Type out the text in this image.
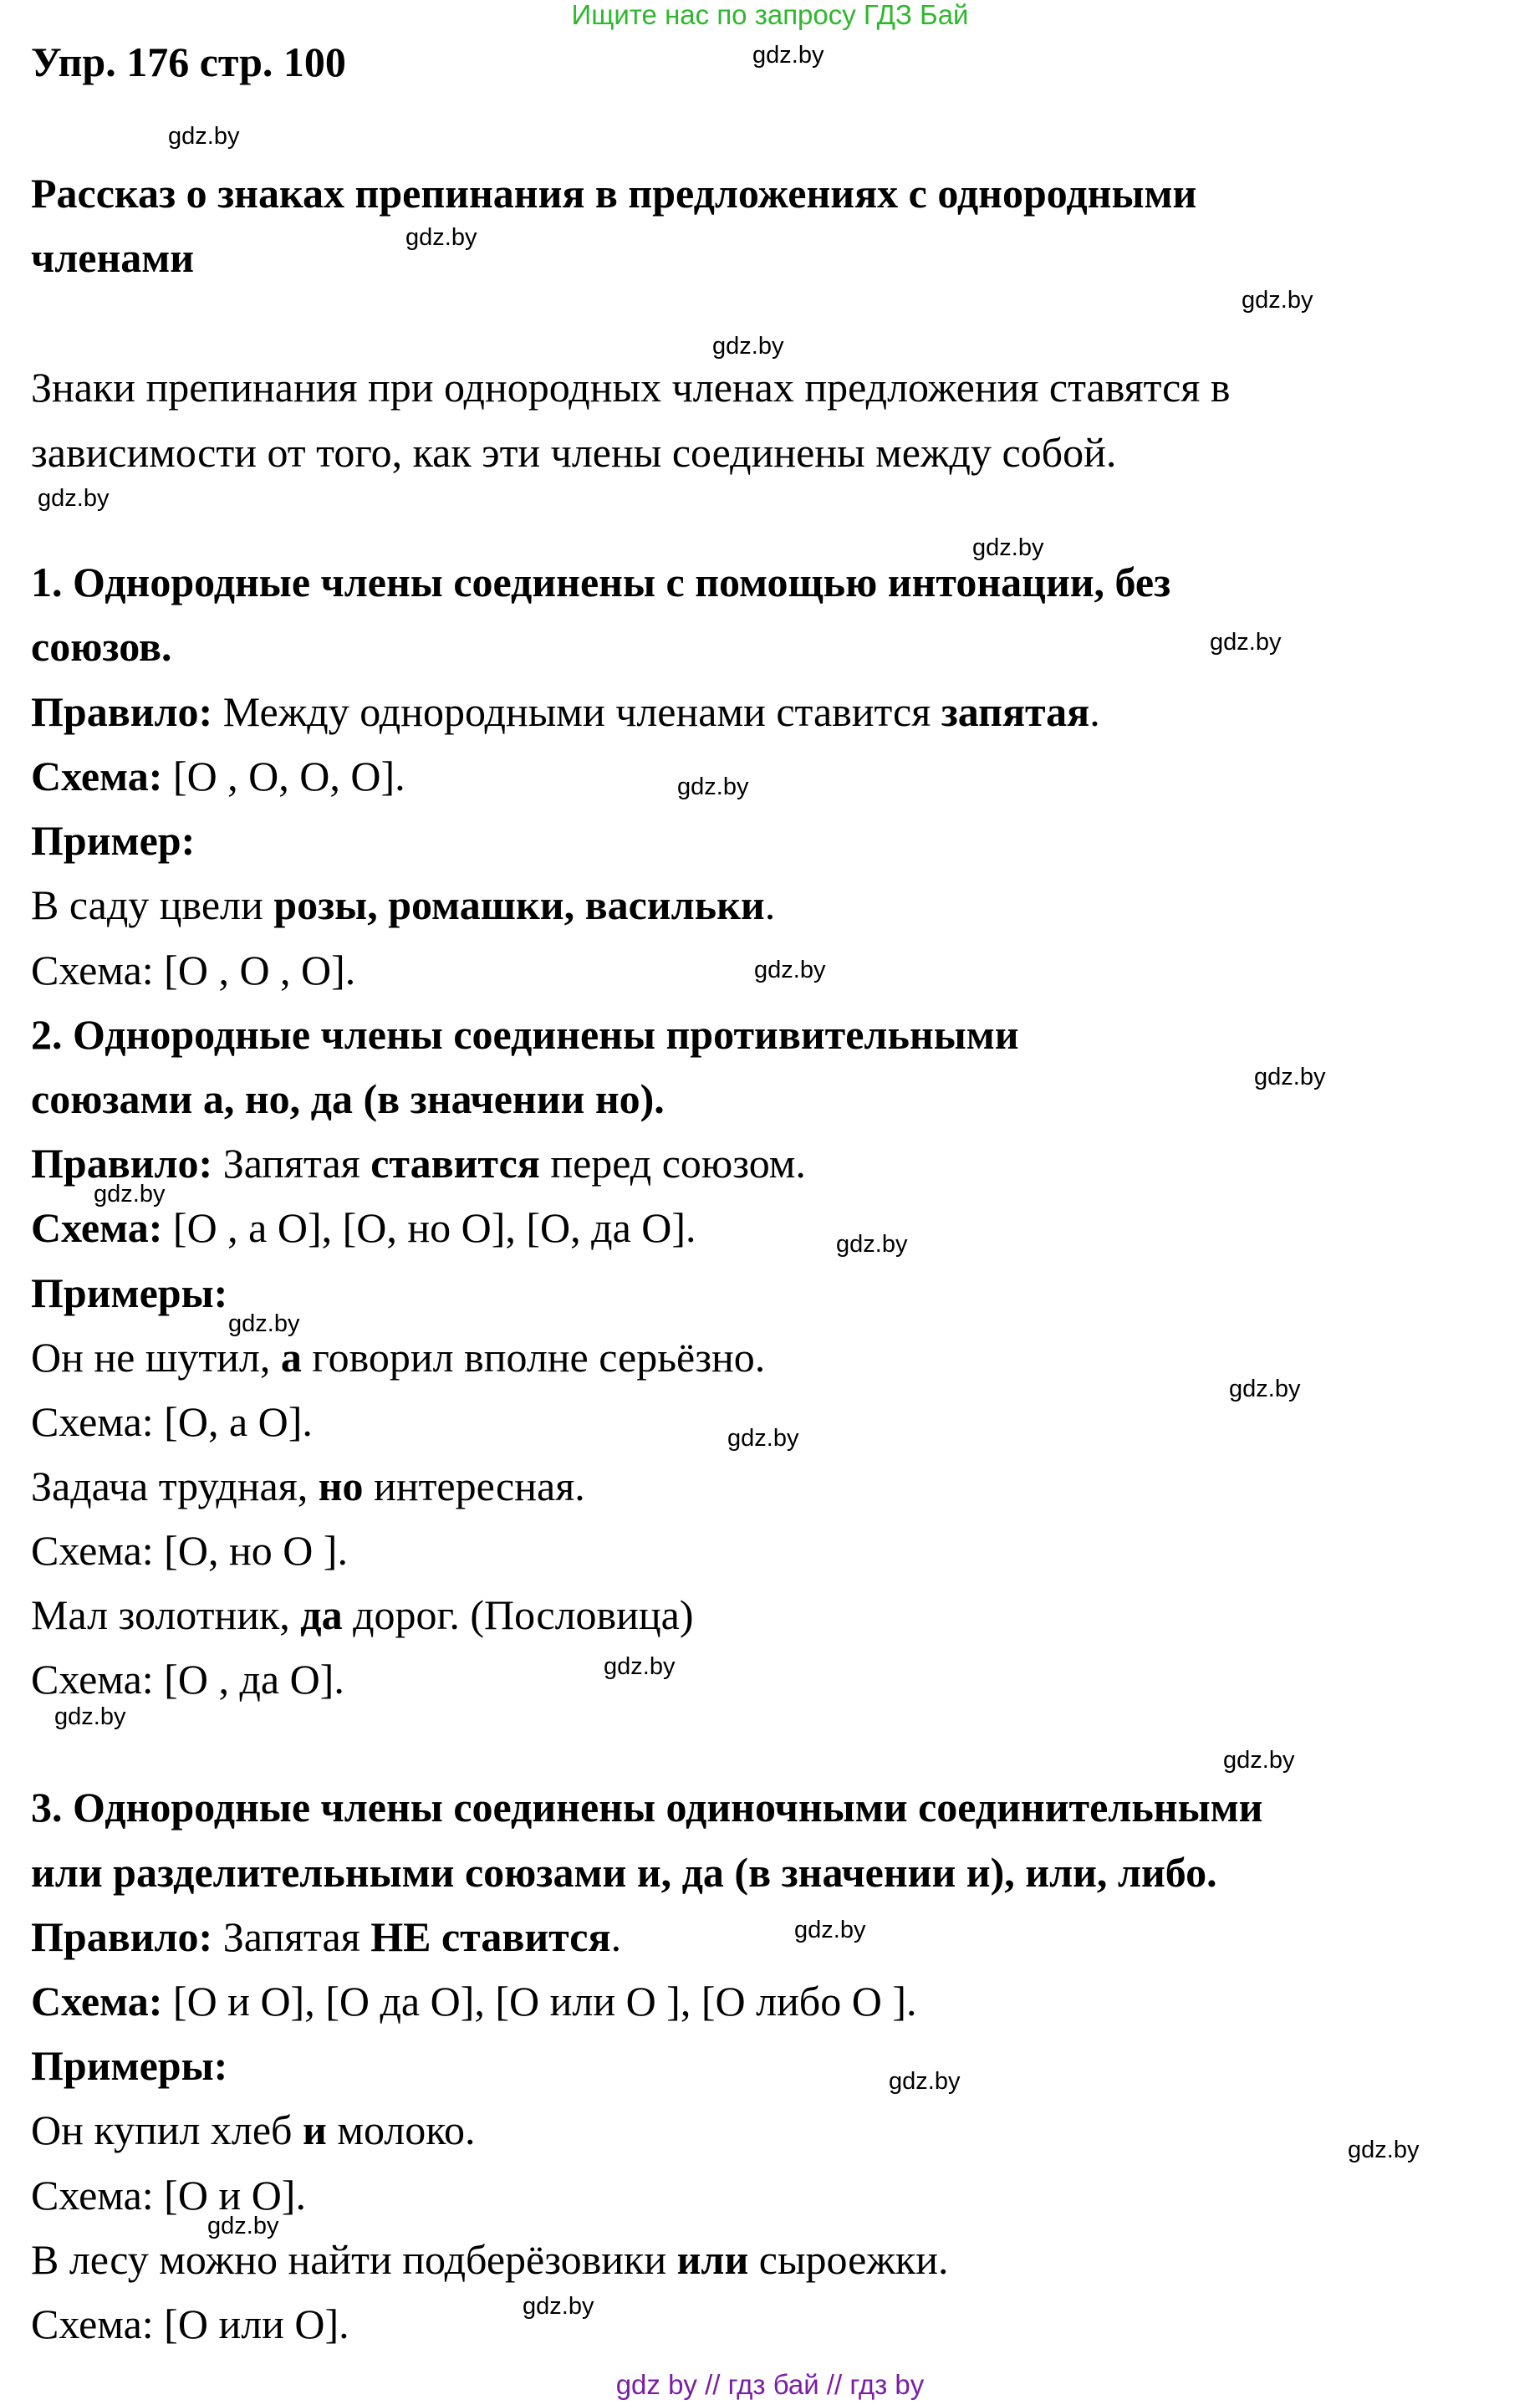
Ищите нас по запросу ГДЗ Бай
Упр. 176 стр. 100
Рассказ о знаках препинания в предложениях с однородными
членами
Знаки препинания при однородных членах предложения ставятся в
зависимости от того, как эти члены соединены между собой.
1. Однородные члены соединены с помощью интонации, без
союзов.
Правило: Между однородными членами ставится запятая.
Схема: [О , О, О, О].
Пример:
В саду цвели розы, ромашки, васильки.
Схема: [О , О , О].
2. Однородные члены соединены противительными
союзами а, но, да (в значении но).
Правило: Запятая ставится перед союзом.
Схема: [О , а О], [О, но О], [О, да О].
Примеры:
Он не шутил, а говорил вполне серьёзно.
Схема: [О, а О].
Задача трудная, но интересная.
Схема: [О, но О ].
Мал золотник, да дорог. (Пословица)
Схема: [О , да О].
3. Однородные члены соединены одиночными соединительными
или разделительными союзами и, да (в значении и), или, либо.
Правило: Запятая НЕ ставится.
Схема: [О и О], [О да О], [О или О ], [О либо О ].
Примеры:
Он купил хлеб и молоко.
Схема: [О и О].
В лесу можно найти подберёзовики или сыроежки.
Схема: [О или О].
gdz.by
gdz.by
gdz.by
gdz.by
gdz.by
gdz.by
gdz.by
gdz.by
gdz.by
gdz.by
gdz.by
gdz.by
gdz.by
gdz.by
gdz.by
gdz.by
gdz.by
gdz.by
gdz.by
gdz.by
gdz.by
gdz.by
gdz.by
gdz.by
gdz by // гдз бай // гдз by
